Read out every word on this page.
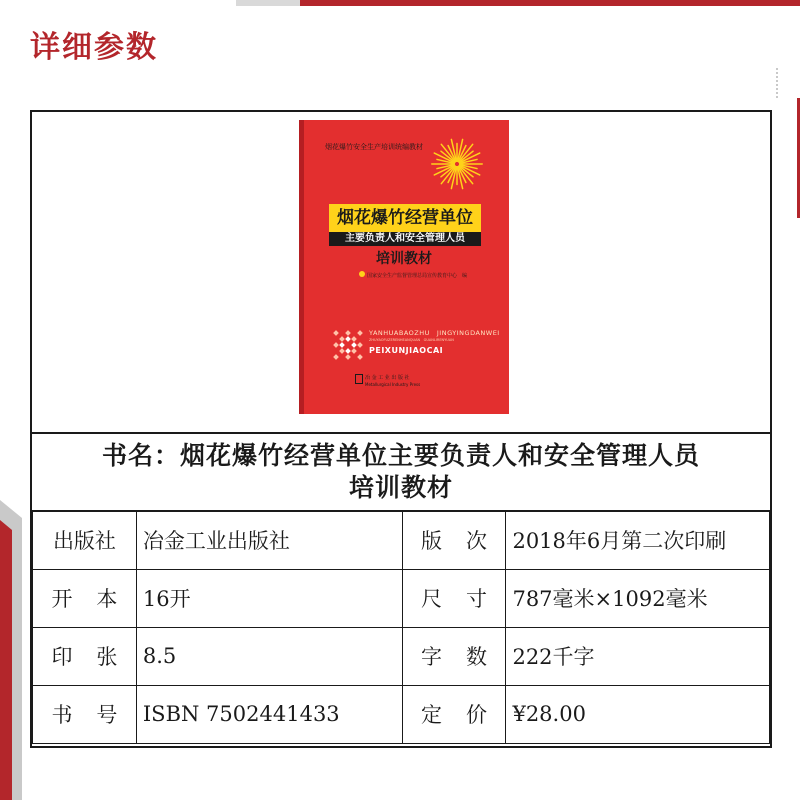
详细参数
烟花爆竹安全生产培训统编教材
烟花爆竹经营单位
主要负责人和安全管理人员
培训教材
国家安全生产监督管理总局宣传教育中心　编
YANHUABAOZHU　JINGYINGDANWEI
ZHUYAOFUZERENHEANQUAN　GUANLIRENYUAN
PEIXUNJIAOCAI
冶 金 工 业 出 版 社
Metallurgical Industry Press
书名：烟花爆竹经营单位主要负责人和安全管理人员
培训教材
出版社	冶金工业出版社	版次	2018年6月第二次印刷
开本	16开	尺寸	787毫米×1092毫米
印张	8.5	字数	222千字
书号	ISBN 7502441433	定价	¥28.00
